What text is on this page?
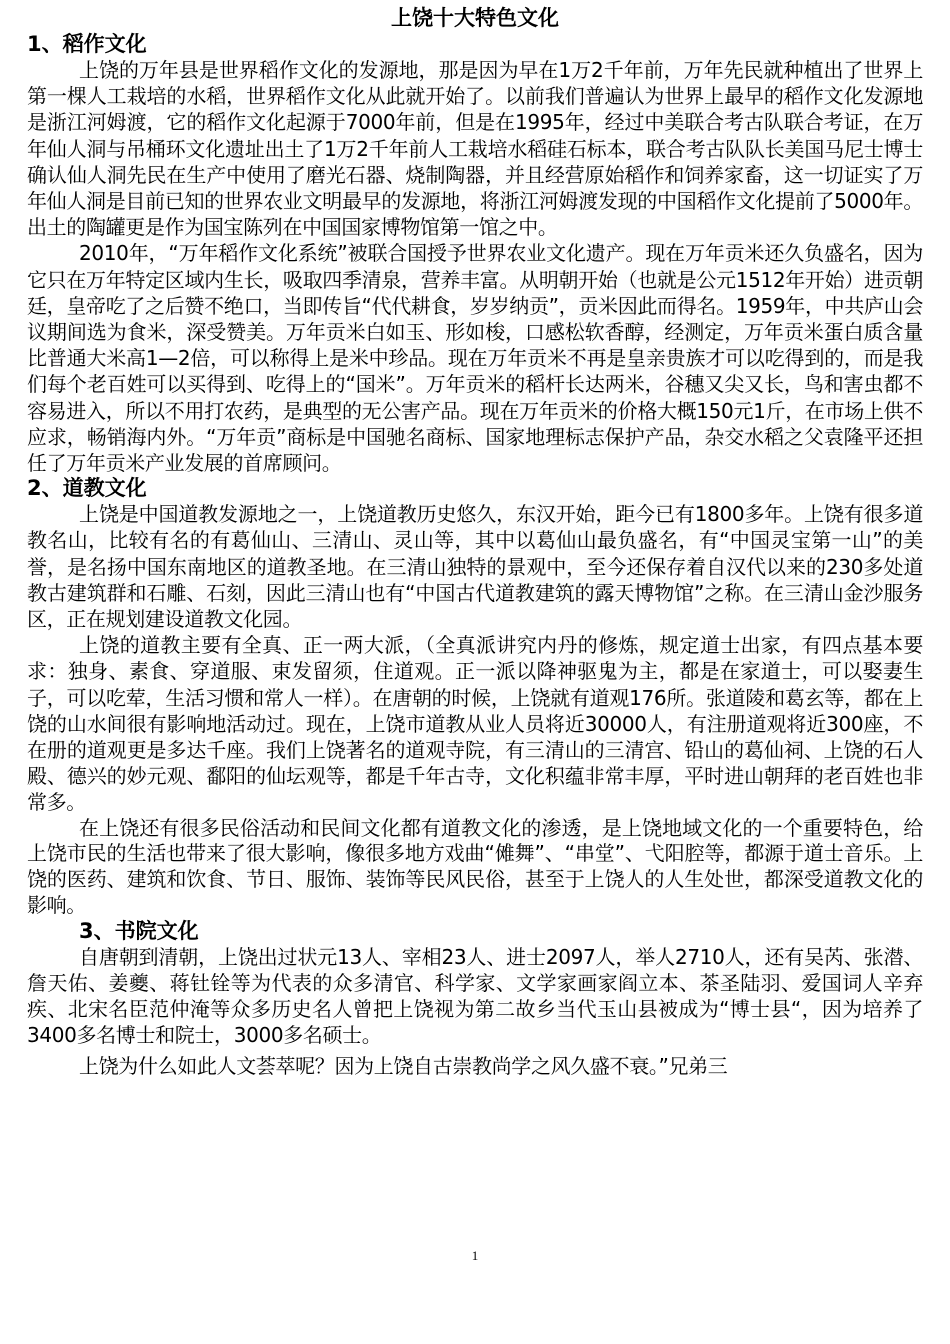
上饶十大特色文化
1、稻作文化

上饶的万年县是世界稻作文化的发源地，那是因为早在1万2千年前，万年先民就种植出了世界上第一棵人工栽培的水稻，世界稻作文化从此就开始了。以前我们普遍认为世界上最早的稻作文化发源地是浙江河姆渡，它的稻作文化起源于7000年前，但是在1995年，经过中美联合考古队联合考证，在万年仙人洞与吊桶环文化遗址出土了1万2千年前人工栽培水稻硅石标本，联合考古队队长美国马尼士博士确认仙人洞先民在生产中使用了磨光石器、烧制陶器，并且经营原始稻作和饲养家畜，这一切证实了万年仙人洞是目前已知的世界农业文明最早的发源地，将浙江河姆渡发现的中国稻作文化提前了5000年。出土的陶罐更是作为国宝陈列在中国国家博物馆第一馆之中。

2010年，“万年稻作文化系统”被联合国授予世界农业文化遗产。现在万年贡米还久负盛名，因为它只在万年特定区域内生长，吸取四季清泉，营养丰富。从明朝开始（也就是公元1512年开始）进贡朝廷，皇帝吃了之后赞不绝口，当即传旨“代代耕食，岁岁纳贡”，贡米因此而得名。1959年，中共庐山会议期间选为食米，深受赞美。万年贡米白如玉、形如梭，口感松软香醇，经测定，万年贡米蛋白质含量比普通大米高1—2倍，可以称得上是米中珍品。现在万年贡米不再是皇亲贵族才可以吃得到的，而是我们每个老百姓可以买得到、吃得上的“国米”。万年贡米的稻杆长达两米，谷穗又尖又长，鸟和害虫都不容易进入，所以不用打农药，是典型的无公害产品。现在万年贡米的价格大概150元1斤，在市场上供不应求，畅销海内外。“万年贡”商标是中国驰名商标、国家地理标志保护产品，杂交水稻之父袁隆平还担任了万年贡米产业发展的首席顾问。

2、道教文化

上饶是中国道教发源地之一，上饶道教历史悠久，东汉开始，距今已有1800多年。上饶有很多道教名山，比较有名的有葛仙山、三清山、灵山等，其中以葛仙山最负盛名，有“中国灵宝第一山”的美誉，是名扬中国东南地区的道教圣地。在三清山独特的景观中，至今还保存着自汉代以来的230多处道教古建筑群和石雕、石刻，因此三清山也有“中国古代道教建筑的露天博物馆”之称。在三清山金沙服务区，正在规划建设道教文化园。

上饶的道教主要有全真、正一两大派，（全真派讲究内丹的修炼，规定道士出家，有四点基本要求：独身、素食、穿道服、束发留须，住道观。正一派以降神驱鬼为主，都是在家道士，可以娶妻生子，可以吃荤，生活习惯和常人一样）。在唐朝的时候，上饶就有道观176所。张道陵和葛玄等，都在上饶的山水间很有影响地活动过。现在，上饶市道教从业人员将近30000人，有注册道观将近300座，不在册的道观更是多达千座。我们上饶著名的道观寺院，有三清山的三清宫、铅山的葛仙祠、上饶的石人殿、德兴的妙元观、鄱阳的仙坛观等，都是千年古寺，文化积蕴非常丰厚，平时进山朝拜的老百姓也非常多。

在上饶还有很多民俗活动和民间文化都有道教文化的渗透，是上饶地域文化的一个重要特色，给上饶市民的生活也带来了很大影响，像很多地方戏曲“傩舞”、“串堂”、弋阳腔等，都源于道士音乐。上饶的医药、建筑和饮食、节日、服饰、装饰等民风民俗，甚至于上饶人的人生处世，都深受道教文化的影响。

3、书院文化

自唐朝到清朝，上饶出过状元13人、宰相23人、进士2097人，举人2710人，还有吴芮、张潜、詹天佑、姜夔、蒋钍铨等为代表的众多清官、科学家、文学家画家阎立本、茶圣陆羽、爱国词人辛弃疾、北宋名臣范仲淹等众多历史名人曾把上饶视为第二故乡当代玉山县被成为“博士县“，因为培养了3400多名博士和院士，3000多名硕士。

上饶为什么如此人文荟萃呢？因为上饶自古崇教尚学之风久盛不衰。”兄弟三

1
